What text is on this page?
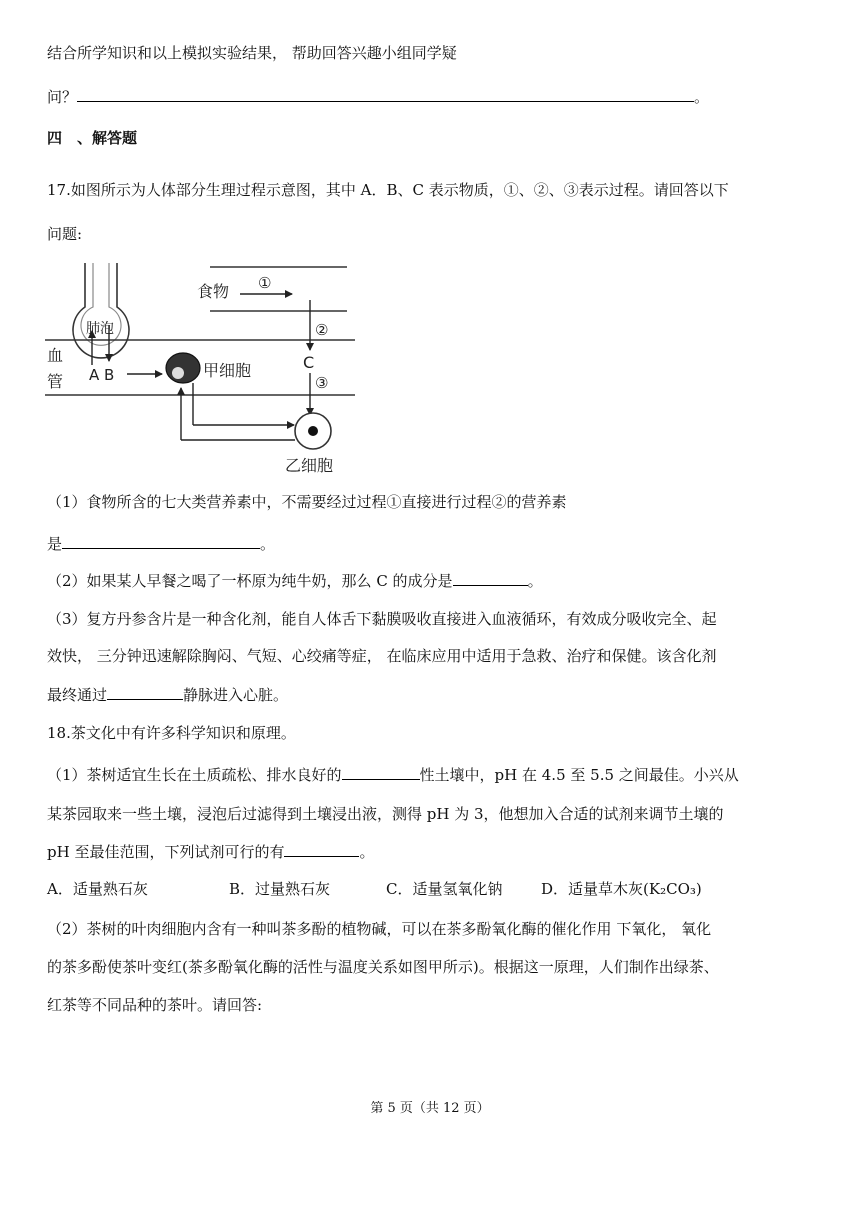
结合所学知识和以上模拟实验结果， 帮助回答兴趣小组同学疑
问？	。
四　、解答题
17.如图所示为人体部分生理过程示意图，其中 A．B、C 表示物质，①、②、③表示过程。请回答以下
问题:
肺泡
血
管
食物 ①
②
C
③
A B	甲细胞
乙细胞
（1）食物所含的七大类营养素中，不需要经过过程①直接进行过程②的营养素
是	。
（2）如果某人早餐之喝了一杯原为纯牛奶，那么 C 的成分是	。
（3）复方丹参含片是一种含化剂，能自人体舌下黏膜吸收直接进入血液循环，有效成分吸收完全、起
效快， 三分钟迅速解除胸闷、气短、心绞痛等症， 在临床应用中适用于急救、治疗和保健。该含化剂
最终通过	静脉进入心脏。
18.茶文化中有许多科学知识和原理。
（1）茶树适宜生长在土质疏松、排水良好的	性土壤中，pH 在 4.5 至 5.5 之间最佳。小兴从
某茶园取来一些土壤，浸泡后过滤得到土壤浸出液，测得 pH 为 3，他想加入合适的试剂来调节土壤的
pH 至最佳范围，下列试剂可行的有	。
A．适量熟石灰	B．过量熟石灰	C．适量氢氧化钠	D．适量草木灰(K₂CO₃)
（2）茶树的叶肉细胞内含有一种叫茶多酚的植物碱，可以在茶多酚氧化酶的催化作用 下氧化， 氧化
的茶多酚使茶叶变红(茶多酚氧化酶的活性与温度关系如图甲所示)。根据这一原理，人们制作出绿茶、
红茶等不同品种的茶叶。请回答:
第 5 页（共 12 页）
